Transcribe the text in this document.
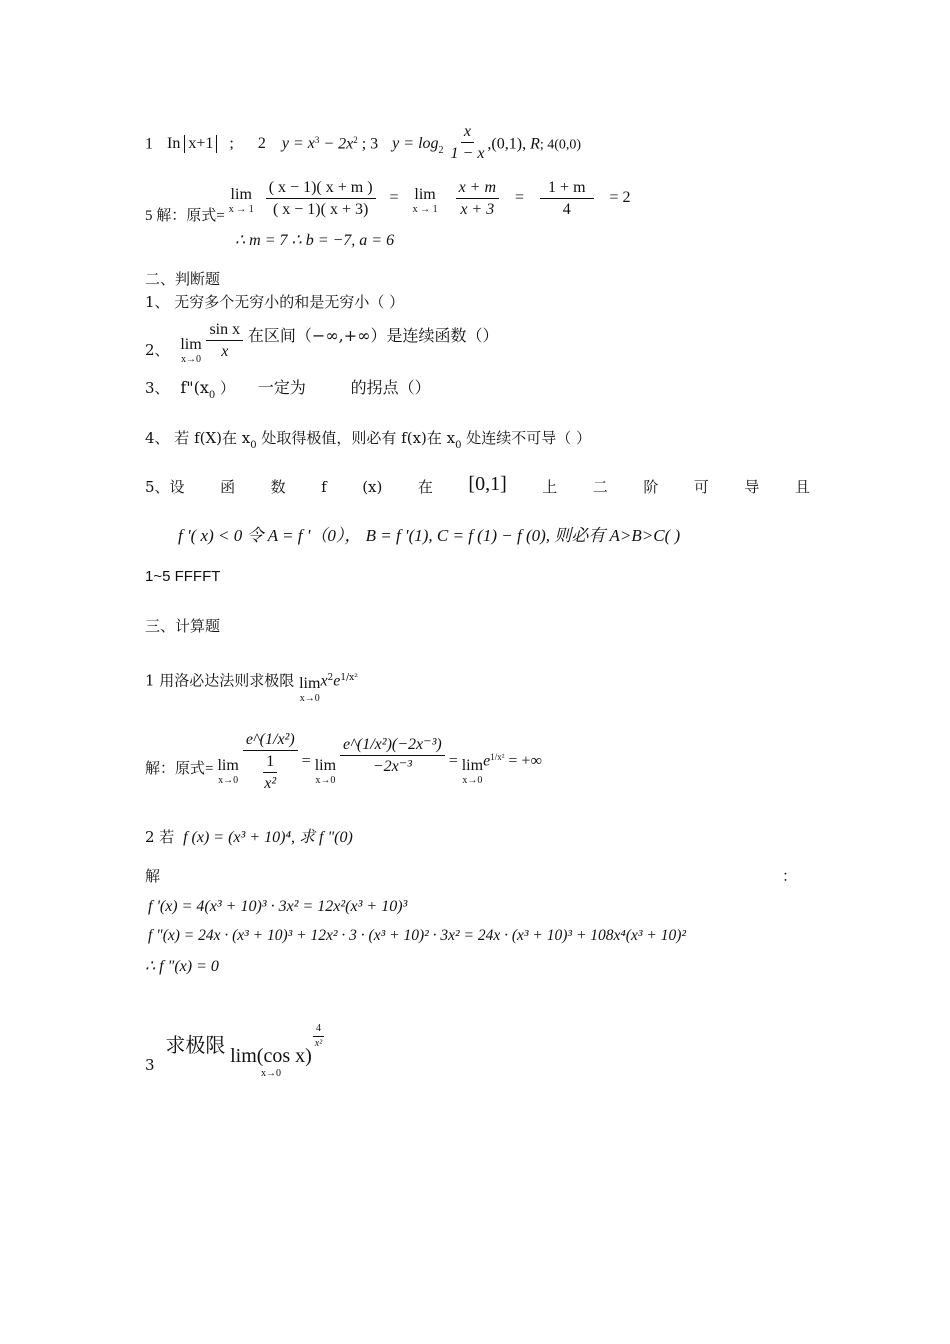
1 In x+1 ; 2 $y = x^3 - 2x^2$ ; 3 $y = \log_2 \frac{x}{1 - x} ,(0,1)$, R; 4(0,0)
5 解：原式=
lim
x → 1
$\frac{( x - 1)( x + m )}{( x - 1)( x + 3)} = \lim$
x → 1
$\frac{x + m}{x + 3} = \frac{1 + m}{4} = 2$
∴ m = 7 ∴ b = −7, a = 6
二、判断题
1、 无穷多个无穷小的和是无穷小（ ）
2、 lim
x→0
$\frac{\text{sin x}}{x}$ 在区间（−∞,+∞）是连续函数（）
3、 $f"(x_0$ ） 一定为	的拐点（）
4、 若 f(X)在 $x_0$ 处取得极值，则必有 f(x)在 $x_0$ 处连续不可导（ ）
5、设 函 数 f (x) 在 [0,1] 上 二 阶 可 导 且
f '( x) < 0 令 A = f '（0）， B = f '(1), C = f (1) − f (0), 则必有 A>B>C( )
1~5 FFFFT
三、计算题
1 用洛必达法则求极限 lim
x→0
$x^2e^{1/x^2}$
解：原式= lim
x→0
$\frac{\text{e\textasciicircum{}(1/x²)}}{\frac{1}{\text{x²}}} = \lim$
x→0

$\frac{\text{e\textasciicircum{}(1/x²)(−2x⁻³)}}{\text{−2x⁻³}} = \lim$
x→0
$e^{1/x^2}$ = +∞
2 若 f (x) = (x³ + 10)⁴, 求 f "(0)
解	：
f '(x) = 4(x³ + 10)³ · 3x² = 12x²(x³ + 10)³
f "(x) = 24x · (x³ + 10)³ + 12x² · 3 · (x³ + 10)² · 3x² = 24x · (x³ + 10)³ + 108x⁴(x³ + 10)²
∴ f "(x) = 0
3 求极限 lim(cos x)
x→0
$\frac{4}{\text{x²}}$
